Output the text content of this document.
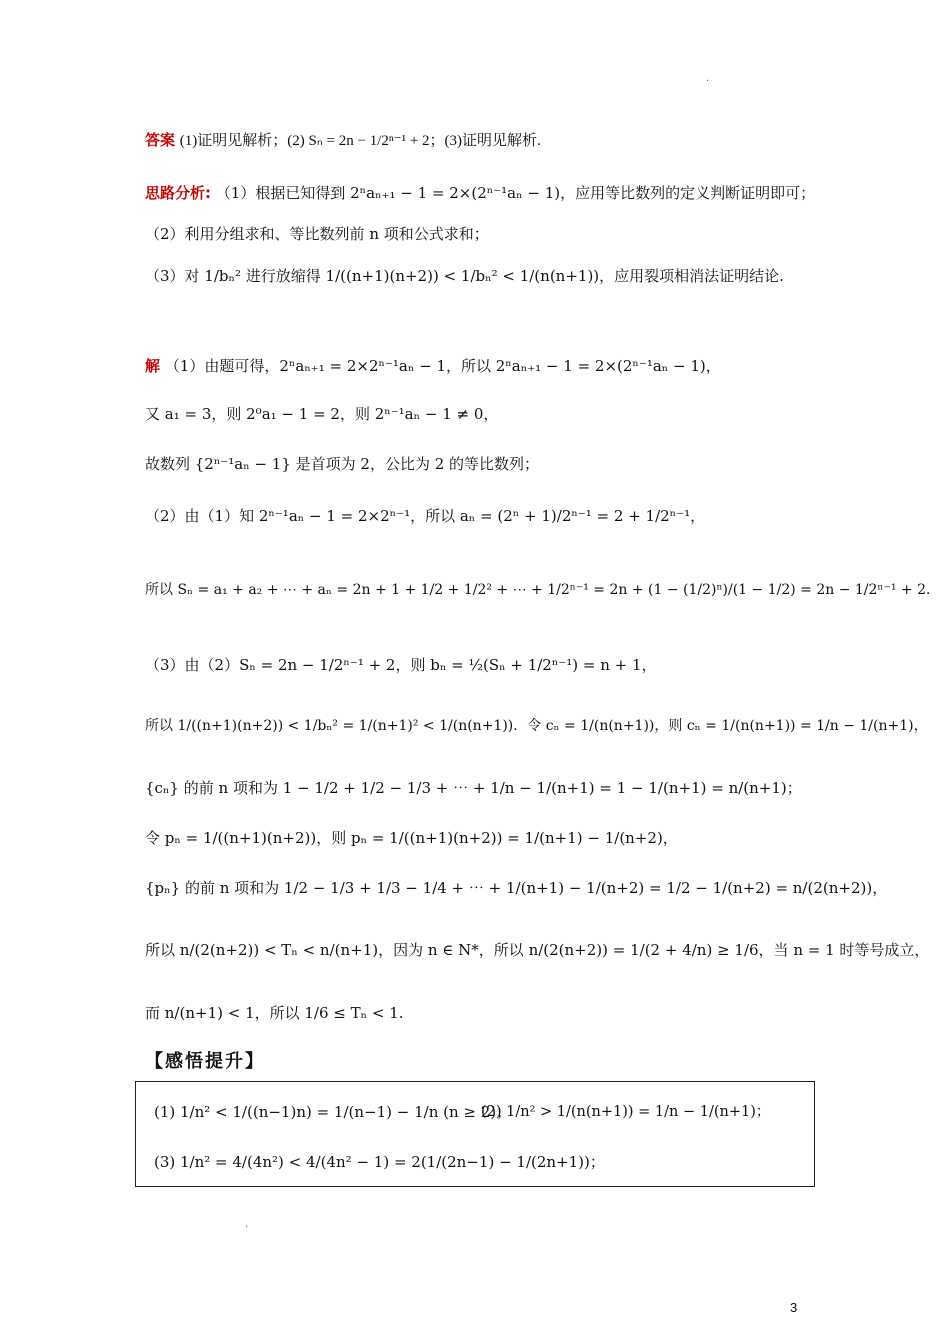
·
答案 (1)证明见解析；(2) Sₙ = 2n − 1/2ⁿ⁻¹ + 2；(3)证明见解析.
思路分析: （1）根据已知得到 2ⁿaₙ₊₁ − 1 = 2×(2ⁿ⁻¹aₙ − 1)，应用等比数列的定义判断证明即可；
（2）利用分组求和、等比数列前 n 项和公式求和；
（3）对 1/bₙ² 进行放缩得 1/((n+1)(n+2)) < 1/bₙ² < 1/(n(n+1))，应用裂项相消法证明结论.
解 （1）由题可得，2ⁿaₙ₊₁ = 2×2ⁿ⁻¹aₙ − 1，所以 2ⁿaₙ₊₁ − 1 = 2×(2ⁿ⁻¹aₙ − 1)，
又 a₁ = 3，则 2⁰a₁ − 1 = 2，则 2ⁿ⁻¹aₙ − 1 ≠ 0，
故数列 {2ⁿ⁻¹aₙ − 1} 是首项为 2，公比为 2 的等比数列；
（2）由（1）知 2ⁿ⁻¹aₙ − 1 = 2×2ⁿ⁻¹，所以 aₙ = (2ⁿ + 1)/2ⁿ⁻¹ = 2 + 1/2ⁿ⁻¹，
所以 Sₙ = a₁ + a₂ + ⋯ + aₙ = 2n + 1 + 1/2 + 1/2² + ⋯ + 1/2ⁿ⁻¹ = 2n + (1 − (1/2)ⁿ)/(1 − 1/2) = 2n − 1/2ⁿ⁻¹ + 2.
（3）由（2）Sₙ = 2n − 1/2ⁿ⁻¹ + 2，则 bₙ = ½(Sₙ + 1/2ⁿ⁻¹) = n + 1，
所以 1/((n+1)(n+2)) < 1/bₙ² = 1/(n+1)² < 1/(n(n+1))．令 cₙ = 1/(n(n+1))，则 cₙ = 1/(n(n+1)) = 1/n − 1/(n+1)，
{cₙ} 的前 n 项和为 1 − 1/2 + 1/2 − 1/3 + ⋯ + 1/n − 1/(n+1) = 1 − 1/(n+1) = n/(n+1)；
令 pₙ = 1/((n+1)(n+2))，则 pₙ = 1/((n+1)(n+2)) = 1/(n+1) − 1/(n+2)，
{pₙ} 的前 n 项和为 1/2 − 1/3 + 1/3 − 1/4 + ⋯ + 1/(n+1) − 1/(n+2) = 1/2 − 1/(n+2) = n/(2(n+2))，
所以 n/(2(n+2)) < Tₙ < n/(n+1)，因为 n ∈ N*，所以 n/(2(n+2)) = 1/(2 + 4/n) ≥ 1/6，当 n = 1 时等号成立，
而 n/(n+1) < 1，所以 1/6 ≤ Tₙ < 1.
【感悟提升】
(1) 1/n² < 1/((n−1)n) = 1/(n−1) − 1/n (n ≥ 2)；
(2) 1/n² > 1/(n(n+1)) = 1/n − 1/(n+1)；
(3) 1/n² = 4/(4n²) < 4/(4n² − 1) = 2(1/(2n−1) − 1/(2n+1))；
·
3
